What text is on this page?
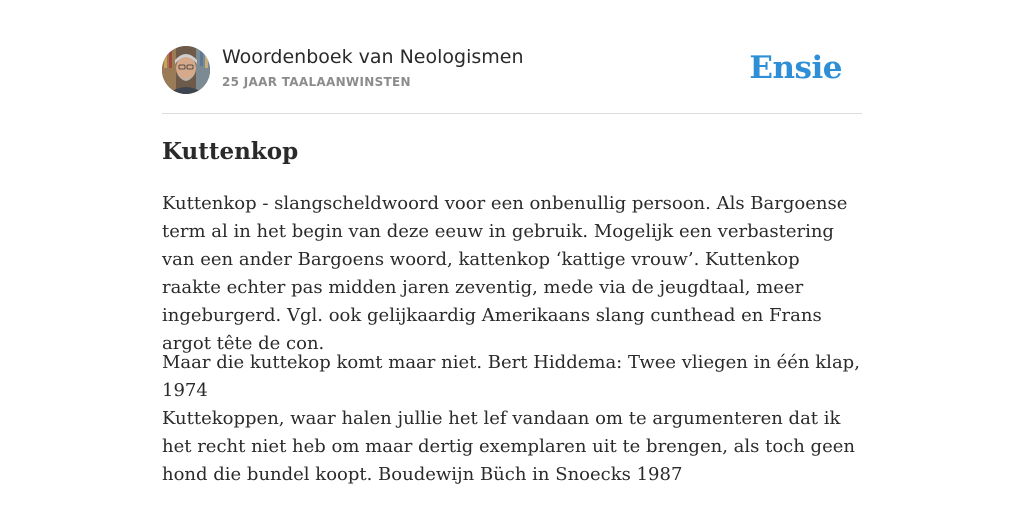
Woordenboek van Neologismen
25 JAAR TAALAANWINSTEN	Ensie
Kuttenkop

Kuttenkop - slangscheldwoord voor een onbenullig persoon. Als Bargoense term al in het begin van deze eeuw in gebruik. Mogelijk een verbastering van een ander Bargoens woord, kattenkop ‘kattige vrouw’. Kuttenkop raakte echter pas midden jaren zeventig, mede via de jeugdtaal, meer ingeburgerd. Vgl. ook gelijkaardig Amerikaans slang cunthead en Frans argot tête de con.

Maar die kuttekop komt maar niet. Bert Hiddema: Twee vliegen in één klap, 1974

Kuttekoppen, waar halen jullie het lef vandaan om te argumenteren dat ik het recht niet heb om maar dertig exemplaren uit te brengen, als toch geen hond die bundel koopt. Boudewijn Büch in Snoecks 1987
